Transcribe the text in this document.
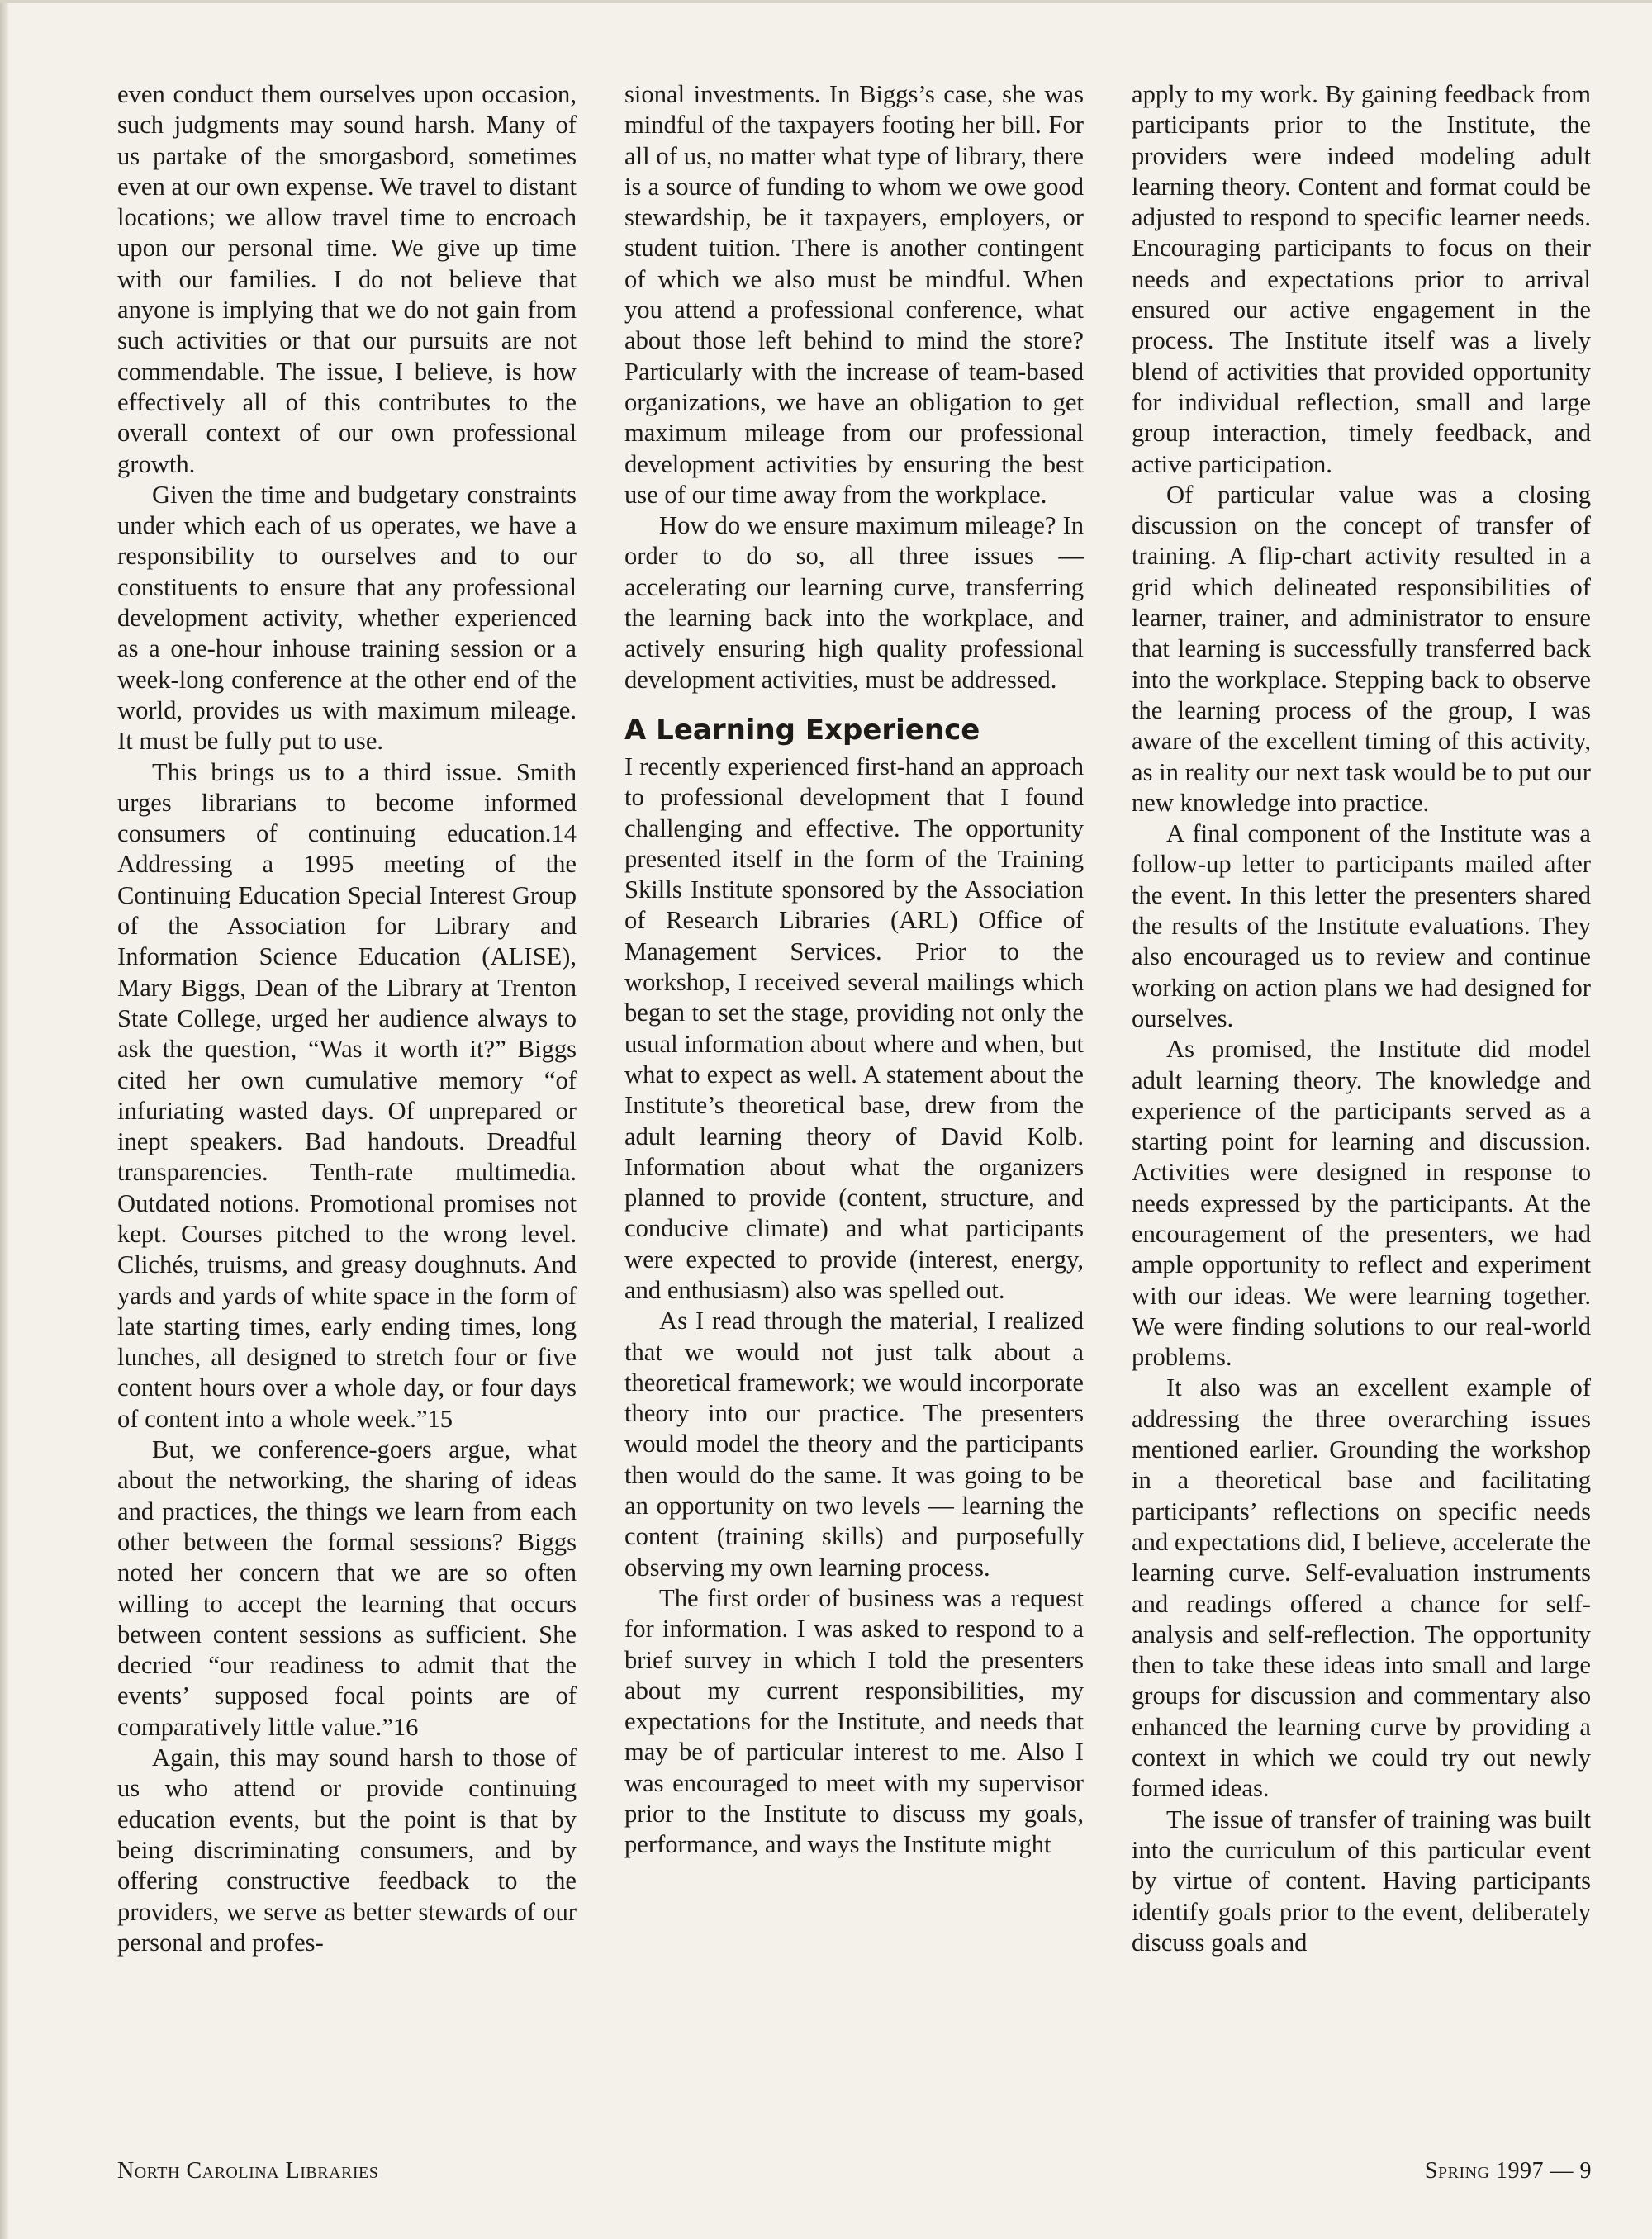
even conduct them ourselves upon occasion, such judgments may sound harsh. Many of us partake of the smorgasbord, sometimes even at our own expense. We travel to distant locations; we allow travel time to encroach upon our personal time. We give up time with our families. I do not believe that anyone is implying that we do not gain from such activities or that our pursuits are not commendable. The issue, I believe, is how effectively all of this contributes to the overall context of our own professional growth.

Given the time and budgetary constraints under which each of us operates, we have a responsibility to ourselves and to our constituents to ensure that any professional development activity, whether experienced as a one-hour inhouse training session or a week-long conference at the other end of the world, provides us with maximum mileage. It must be fully put to use.

This brings us to a third issue. Smith urges librarians to become informed consumers of continuing education.14 Addressing a 1995 meeting of the Continuing Education Special Interest Group of the Association for Library and Information Science Education (ALISE), Mary Biggs, Dean of the Library at Trenton State College, urged her audience always to ask the question, “Was it worth it?” Biggs cited her own cumulative memory “of infuriating wasted days. Of unprepared or inept speakers. Bad handouts. Dreadful transparencies. Tenth-rate multimedia. Outdated notions. Promotional promises not kept. Courses pitched to the wrong level. Clichés, truisms, and greasy doughnuts. And yards and yards of white space in the form of late starting times, early ending times, long lunches, all designed to stretch four or five content hours over a whole day, or four days of content into a whole week.”15

But, we conference-goers argue, what about the networking, the sharing of ideas and practices, the things we learn from each other between the formal sessions? Biggs noted her concern that we are so often willing to accept the learning that occurs between content sessions as sufficient. She decried “our readiness to admit that the events’ supposed focal points are of comparatively little value.”16

Again, this may sound harsh to those of us who attend or provide continuing education events, but the point is that by being discriminating consumers, and by offering constructive feedback to the providers, we serve as better stewards of our personal and profes-

sional investments. In Biggs’s case, she was mindful of the taxpayers footing her bill. For all of us, no matter what type of library, there is a source of funding to whom we owe good stewardship, be it taxpayers, employers, or student tuition. There is another contingent of which we also must be mindful. When you attend a professional conference, what about those left behind to mind the store? Particularly with the increase of team-based organizations, we have an obligation to get maximum mileage from our professional development activities by ensuring the best use of our time away from the workplace.

How do we ensure maximum mileage? In order to do so, all three issues — accelerating our learning curve, transferring the learning back into the workplace, and actively ensuring high quality professional development activities, must be addressed.

A Learning Experience

I recently experienced first-hand an approach to professional development that I found challenging and effective. The opportunity presented itself in the form of the Training Skills Institute sponsored by the Association of Research Libraries (ARL) Office of Management Services. Prior to the workshop, I received several mailings which began to set the stage, providing not only the usual information about where and when, but what to expect as well. A statement about the Institute’s theoretical base, drew from the adult learning theory of David Kolb. Information about what the organizers planned to provide (content, structure, and conducive climate) and what participants were expected to provide (interest, energy, and enthusiasm) also was spelled out.

As I read through the material, I realized that we would not just talk about a theoretical framework; we would incorporate theory into our practice. The presenters would model the theory and the participants then would do the same. It was going to be an opportunity on two levels — learning the content (training skills) and purposefully observing my own learning process.

The first order of business was a request for information. I was asked to respond to a brief survey in which I told the presenters about my current responsibilities, my expectations for the Institute, and needs that may be of particular interest to me. Also I was encouraged to meet with my supervisor prior to the Institute to discuss my goals, performance, and ways the Institute might

apply to my work. By gaining feedback from participants prior to the Institute, the providers were indeed modeling adult learning theory. Content and format could be adjusted to respond to specific learner needs. Encouraging participants to focus on their needs and expectations prior to arrival ensured our active engagement in the process. The Institute itself was a lively blend of activities that provided opportunity for individual reflection, small and large group interaction, timely feedback, and active participation.

Of particular value was a closing discussion on the concept of transfer of training. A flip-chart activity resulted in a grid which delineated responsibilities of learner, trainer, and administrator to ensure that learning is successfully transferred back into the workplace. Stepping back to observe the learning process of the group, I was aware of the excellent timing of this activity, as in reality our next task would be to put our new knowledge into practice.

A final component of the Institute was a follow-up letter to participants mailed after the event. In this letter the presenters shared the results of the Institute evaluations. They also encouraged us to review and continue working on action plans we had designed for ourselves.

As promised, the Institute did model adult learning theory. The knowledge and experience of the participants served as a starting point for learning and discussion. Activities were designed in response to needs expressed by the participants. At the encouragement of the presenters, we had ample opportunity to reflect and experiment with our ideas. We were learning together. We were finding solutions to our real-world problems.

It also was an excellent example of addressing the three overarching issues mentioned earlier. Grounding the workshop in a theoretical base and facilitating participants’ reflections on specific needs and expectations did, I believe, accelerate the learning curve. Self-evaluation instruments and readings offered a chance for self-analysis and self-reflection. The opportunity then to take these ideas into small and large groups for discussion and commentary also enhanced the learning curve by providing a context in which we could try out newly formed ideas.

The issue of transfer of training was built into the curriculum of this particular event by virtue of content. Having participants identify goals prior to the event, deliberately discuss goals and

North Carolina Libraries	Spring 1997 — 9
